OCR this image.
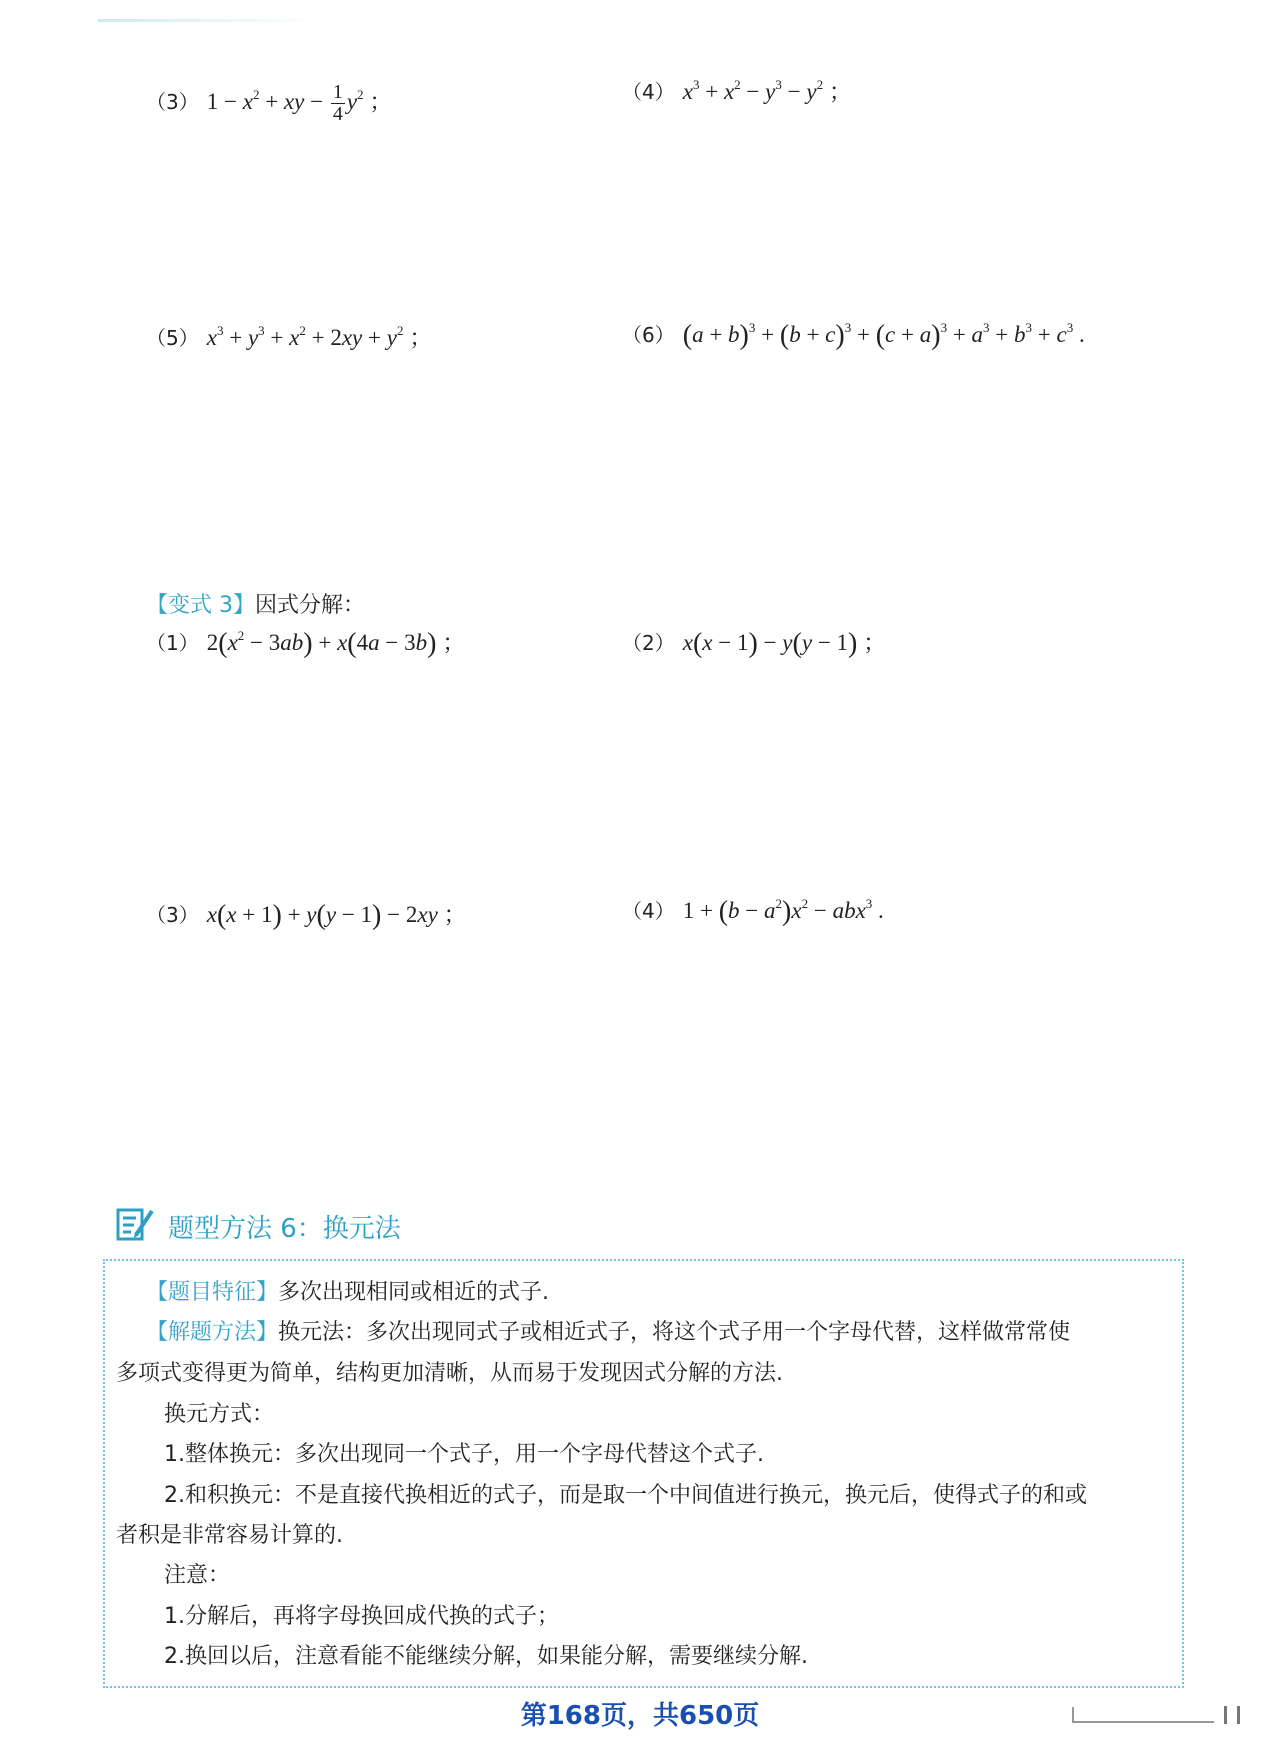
（3） $1 - x^2$ + xy − $\frac{1}{4} y^2$ ；	（4） $x^3 + x^2 - y^3 - y^2$ ；
（5） $x^3 + y^3 + x^2 + 2xy + y^2$ ；	（6） $(a + b)^3 + (b + c)^3 + (c + a)^3 + a^3 + b^3 + c^3$ .
【变式 3】因式分解：
（1） $2(x^2 - 3ab) + x(4a - 3b)$ ；	（2） x(x − 1) − y(y − 1) ；
（3） x(x + 1) + y(y − 1) − 2xy ；	（4） $1 + (b - a^2)x^2 - abx^3$ .
题型方法 6：换元法
【题目特征】多次出现相同或相近的式子.
【解题方法】换元法：多次出现同式子或相近式子，将这个式子用一个字母代替，这样做常常使
多项式变得更为简单，结构更加清晰，从而易于发现因式分解的方法.
换元方式：
1.整体换元：多次出现同一个式子，用一个字母代替这个式子.
2.和积换元：不是直接代换相近的式子，而是取一个中间值进行换元，换元后，使得式子的和或
者积是非常容易计算的.
注意：
1.分解后，再将字母换回成代换的式子；
2.换回以后，注意看能不能继续分解，如果能分解，需要继续分解.
第168页，共650页
